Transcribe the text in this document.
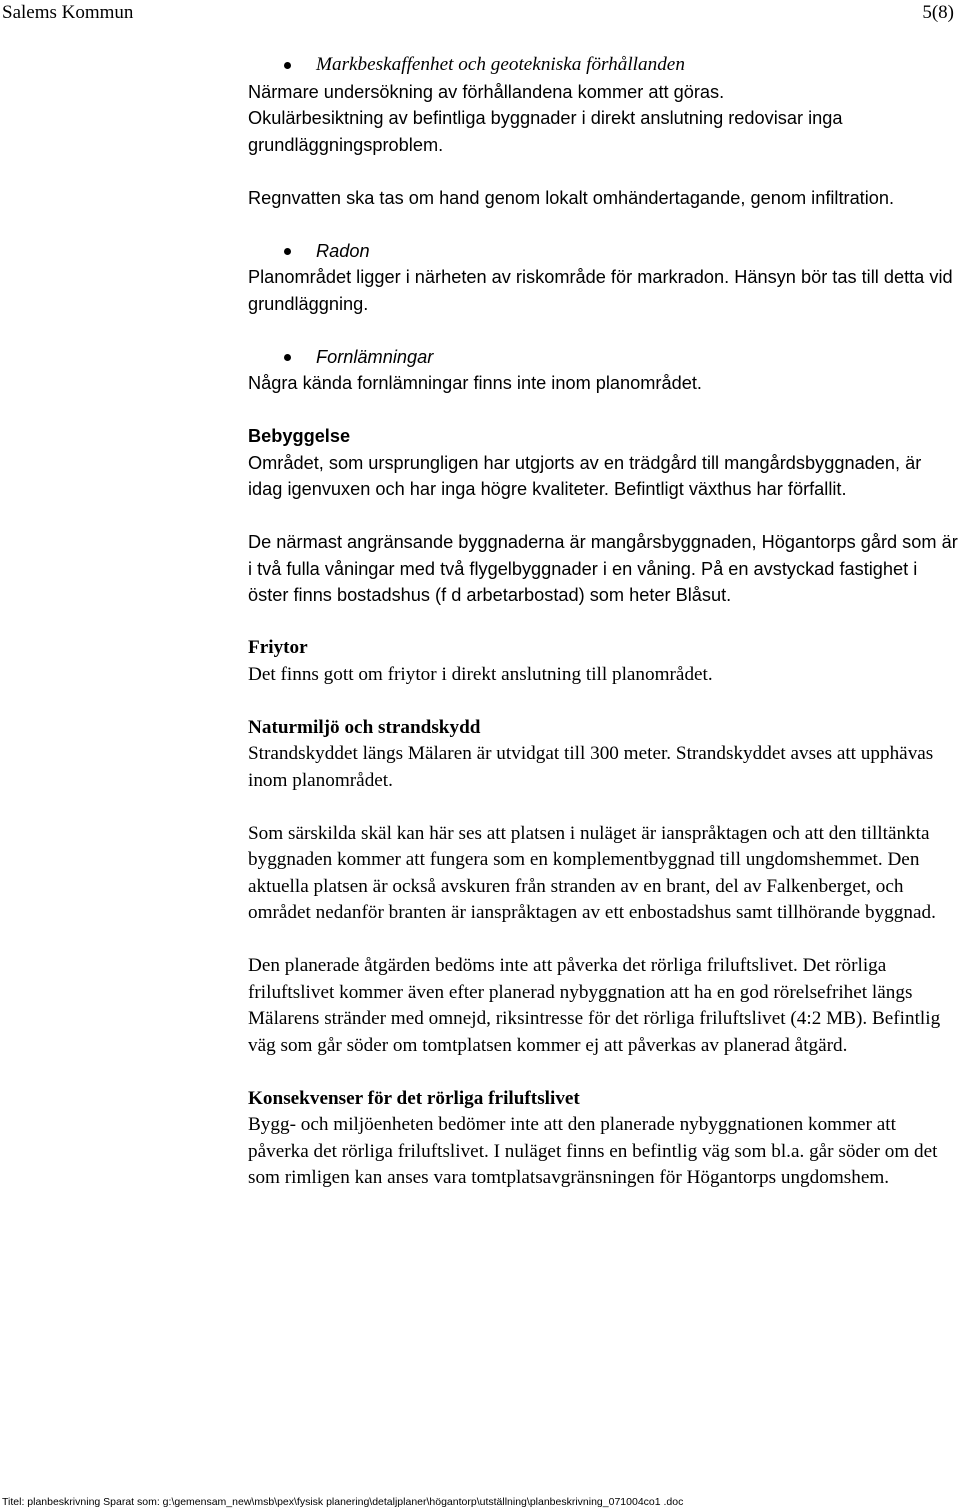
Salems Kommun	5(8)

Markbeskaffenhet och geotekniska förhållanden

Närmare undersökning av förhållandena kommer att göras.

Okulärbesiktning av befintliga byggnader i direkt anslutning redovisar inga grundläggningsproblem.

Regnvatten ska tas om hand genom lokalt omhändertagande, genom infiltration.

Radon

Planområdet ligger i närheten av riskområde för markradon. Hänsyn bör tas till detta vid grundläggning.

Fornlämningar

Några kända fornlämningar finns inte inom planområdet.

Bebyggelse

Området, som ursprungligen har utgjorts av en trädgård till mangårdsbyggnaden, är idag igenvuxen och har inga högre kvaliteter. Befintligt växthus har förfallit.

De närmast angränsande byggnaderna är mangårsbyggnaden, Högantorps gård som är i två fulla våningar med två flygelbyggnader i en våning. På en avstyckad fastighet i öster finns bostadshus (f d arbetarbostad) som heter Blåsut.

Friytor

Det finns gott om friytor i direkt anslutning till planområdet.

Naturmiljö och strandskydd

Strandskyddet längs Mälaren är utvidgat till 300 meter. Strandskyddet avses att upphävas inom planområdet.

Som särskilda skäl kan här ses att platsen i nuläget är ianspråktagen och att den tilltänkta byggnaden kommer att fungera som en komplementbyggnad till ungdomshemmet. Den aktuella platsen är också avskuren från stranden av en brant, del av Falkenberget, och området nedanför branten är ianspråktagen av ett enbostadshus samt tillhörande byggnad.

Den planerade åtgärden bedöms inte att påverka det rörliga friluftslivet. Det rörliga friluftslivet kommer även efter planerad nybyggnation att ha en god rörelsefrihet längs Mälarens stränder med omnejd, riksintresse för det rörliga friluftslivet (4:2 MB). Befintlig väg som går söder om tomtplatsen kommer ej att påverkas av planerad åtgärd.

Konsekvenser för det rörliga friluftslivet

Bygg- och miljöenheten bedömer inte att den planerade nybyggnationen kommer att påverka det rörliga friluftslivet. I nuläget finns en befintlig väg som bl.a. går söder om det som rimligen kan anses vara tomtplatsavgränsningen för Högantorps ungdomshem.

Titel: planbeskrivning Sparat som: g:\gemensam_new\msb\pex\fysisk planering\detaljplaner\högantorp\utställning\planbeskrivning_071004co1 .doc
